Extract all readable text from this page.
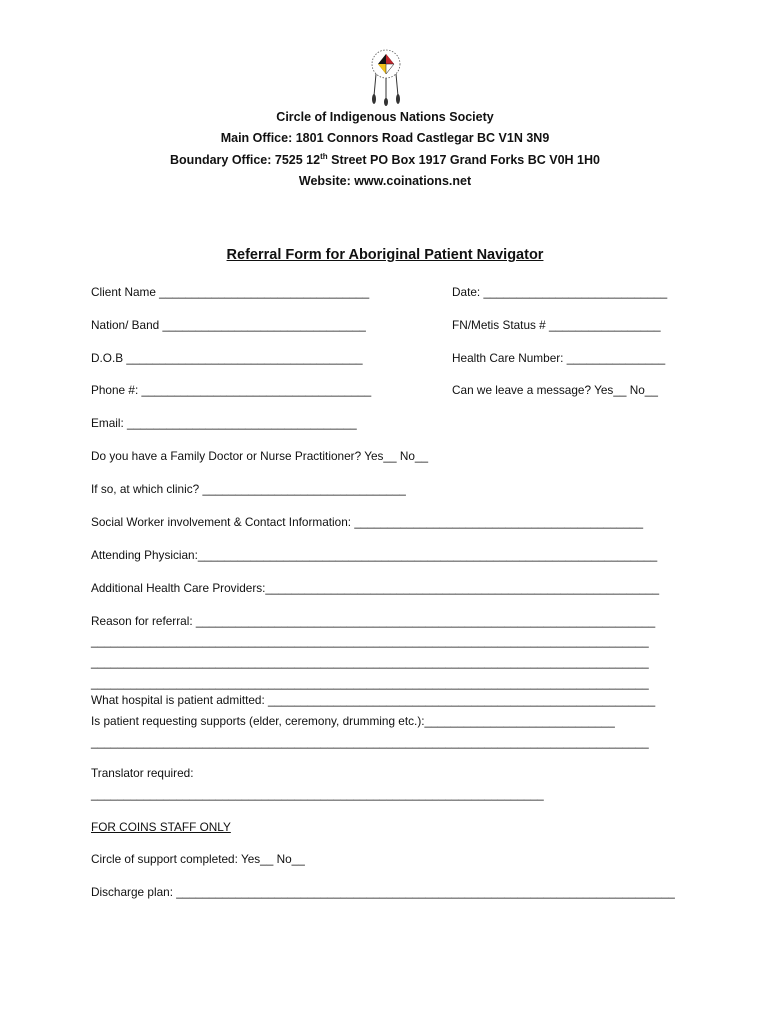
Circle of Indigenous Nations Society
Main Office: 1801 Connors Road Castlegar BC V1N 3N9
Boundary Office: 7525 12th Street PO Box 1917 Grand Forks BC V0H 1H0
Website: www.coinations.net
Referral Form for Aboriginal Patient Navigator
Client Name ________________________________	Date: ____________________________
Nation/ Band _______________________________	FN/Metis Status # _________________
D.O.B ____________________________________	Health Care Number: _______________
Phone #: ___________________________________	Can we leave a message? Yes__ No__
Email: ___________________________________
Do you have a Family Doctor or Nurse Practitioner? Yes__ No__
If so, at which clinic? _______________________________
Social Worker involvement & Contact Information: ____________________________________________
Attending Physician:______________________________________________________________________
Additional Health Care Providers:____________________________________________________________
Reason for referral: ______________________________________________________________________
_____________________________________________________________________________________
_____________________________________________________________________________________
_____________________________________________________________________________________
What hospital is patient admitted: ___________________________________________________________
Is patient requesting supports (elder, ceremony, drumming etc.):_____________________________
_____________________________________________________________________________________
Translator required:
_____________________________________________________________________
FOR COINS STAFF ONLY
Circle of support completed: Yes__ No__
Discharge plan: ____________________________________________________________________________
